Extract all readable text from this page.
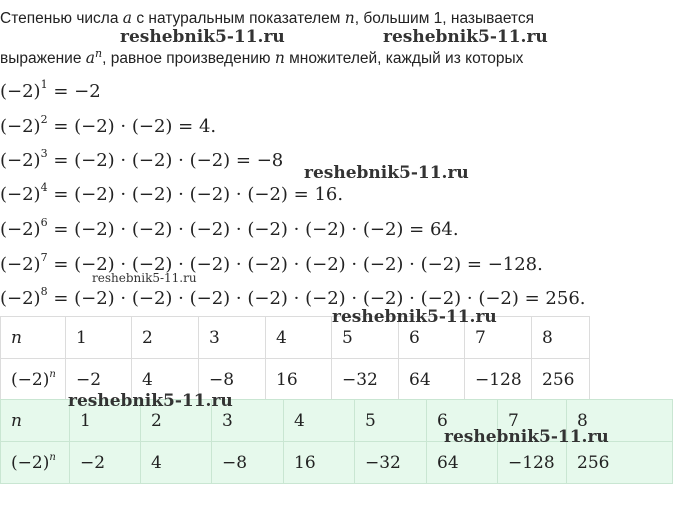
Степенью числа a с натуральным показателем n, большим 1, называется
выражение $a^n$, равное произведению n множителей, каждый из которых
$(-2)^1 = -2$
$(-2)^2 = (-2) \cdot (-2) = 4$.
$(-2)^3 = (-2) \cdot (-2) \cdot (-2) = -8$
$(-2)^4 = (-2) \cdot (-2) \cdot (-2) \cdot (-2) = 16$.
$(-2)^6 = (-2) \cdot (-2) \cdot (-2) \cdot (-2) \cdot (-2) \cdot (-2) = 64$.
$(-2)^7 = (-2) \cdot (-2) \cdot (-2) \cdot (-2) \cdot (-2) \cdot (-2) \cdot (-2) = -128$.
$(-2)^8 = (-2) \cdot (-2) \cdot (-2) \cdot (-2) \cdot (-2) \cdot (-2) \cdot (-2) \cdot (-2) = 256$.
n	1	2	3	4	5	6	7	8
$(-2)^n$	−2	4	−8	16	−32	64	−128	256
n	1	2	3	4	5	6	7	8
$(-2)^n$	−2	4	−8	16	−32	64	−128	256
reshebnik5-11.ru	reshebnik5-11.ru
reshebnik5-11.ru
reshebnik5-11.ru
reshebnik5-11.ru
reshebnik5-11.ru
reshebnik5-11.ru
